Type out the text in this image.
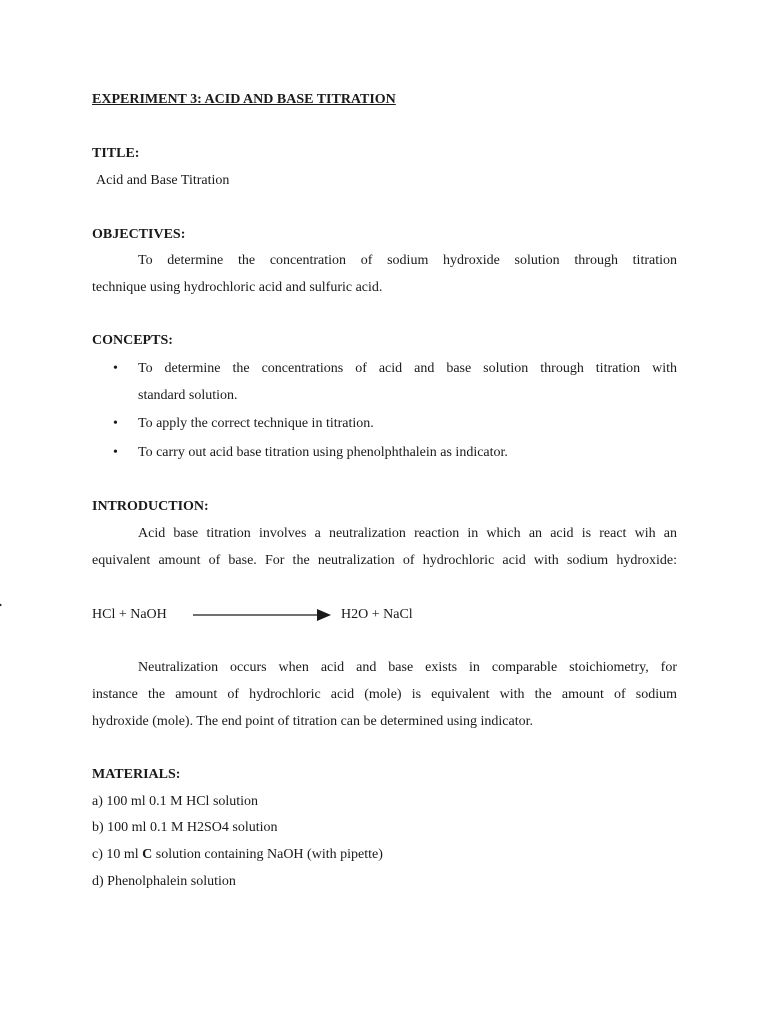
EXPERIMENT 3: ACID AND BASE TITRATION
TITLE:
Acid and Base Titration
OBJECTIVES:
To determine the concentration of sodium hydroxide solution through titration
technique using hydrochloric acid and sulfuric acid.
CONCEPTS:
•	To determine the concentrations of acid and base solution through titration with
standard solution.
•	To apply the correct technique in titration.
•	To carry out acid base titration using phenolphthalein as indicator.
INTRODUCTION:
Acid base titration involves a neutralization reaction in which an acid is react wih an
equivalent amount of base. For the neutralization of hydrochloric acid with sodium hydroxide:
HCl + NaOH	H2O + NaCl
Neutralization occurs when acid and base exists in comparable stoichiometry, for
instance the amount of hydrochloric acid (mole) is equivalent with the amount of sodium
hydroxide (mole). The end point of titration can be determined using indicator.
MATERIALS:
a) 100 ml 0.1 M HCl solution
b) 100 ml 0.1 M H2SO4 solution
c) 10 ml C solution containing NaOH (with pipette)
d) Phenolphalein solution
